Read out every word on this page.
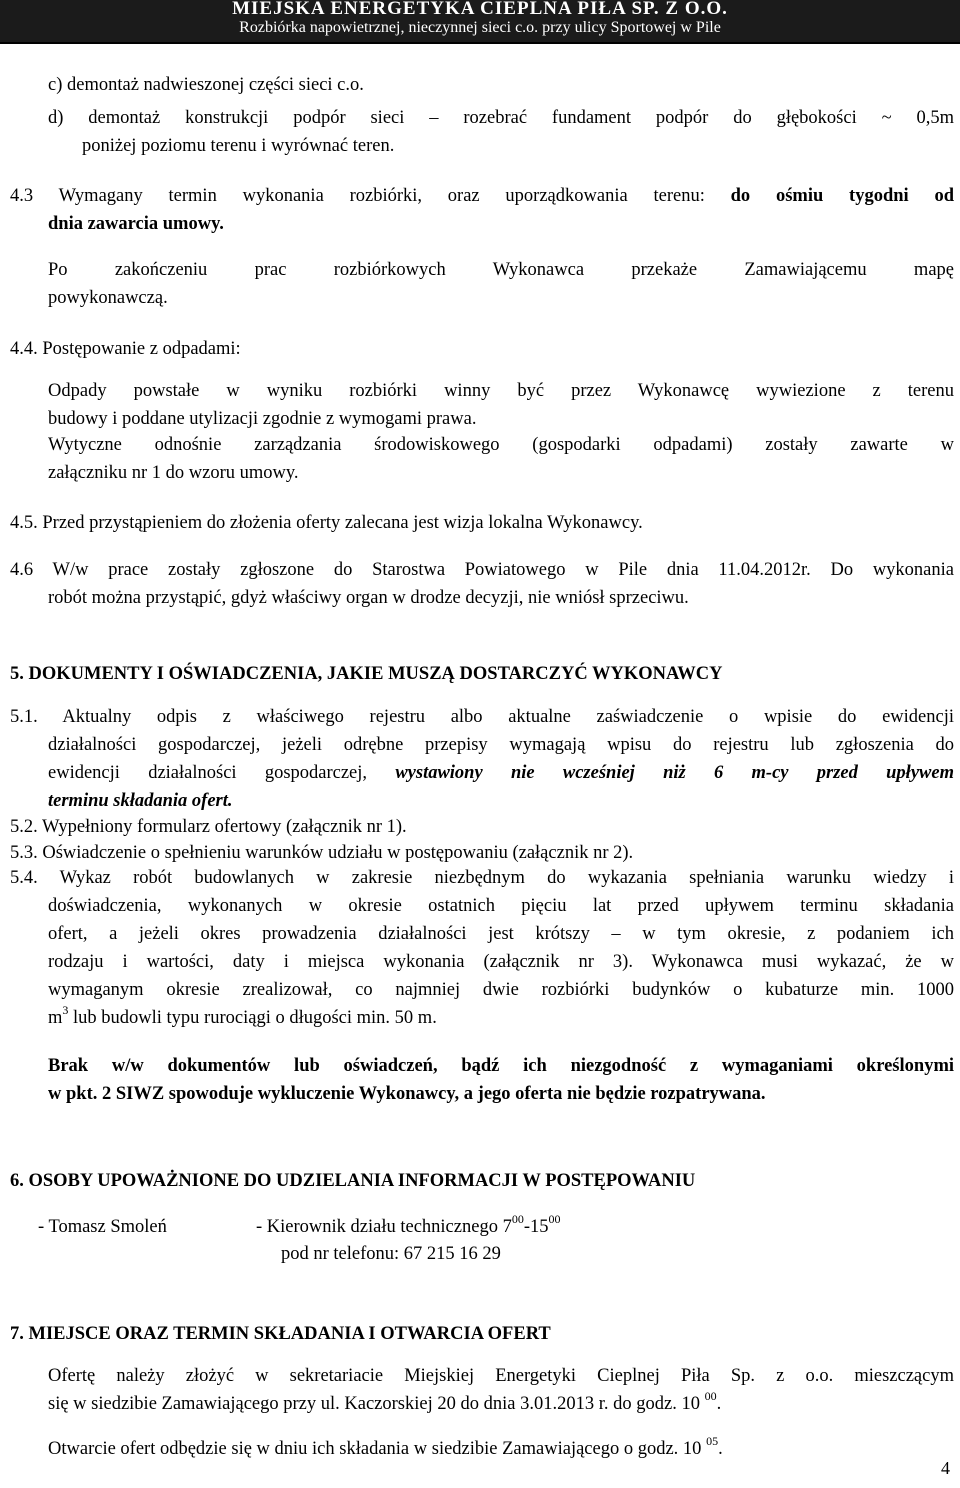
MIEJSKA ENERGETYKA CIEPLNA PIŁA SP. Z O.O.
Rozbiórka napowietrznej, nieczynnej sieci c.o. przy ulicy Sportowej w Pile
c) demontaż nadwieszonej części sieci c.o.
d) demontaż konstrukcji podpór sieci – rozebrać fundament podpór do głębokości ~ 0,5m
poniżej poziomu terenu i wyrównać teren.
4.3 Wymagany termin wykonania rozbiórki, oraz uporządkowania terenu: do ośmiu tygodni od
dnia zawarcia umowy.
Po zakończeniu prac rozbiórkowych Wykonawca przekaże Zamawiającemu mapę
powykonawczą.
4.4. Postępowanie z odpadami:
Odpady powstałe w wyniku rozbiórki winny być przez Wykonawcę wywiezione z terenu
budowy i poddane utylizacji zgodnie z wymogami prawa.
Wytyczne odnośnie zarządzania środowiskowego (gospodarki odpadami) zostały zawarte w
załączniku nr 1 do wzoru umowy.
4.5. Przed przystąpieniem do złożenia oferty zalecana jest wizja lokalna Wykonawcy.
4.6 W/w prace zostały zgłoszone do Starostwa Powiatowego w Pile dnia 11.04.2012r. Do wykonania
robót można przystąpić, gdyż właściwy organ w drodze decyzji, nie wniósł sprzeciwu.
5. DOKUMENTY I OŚWIADCZENIA, JAKIE MUSZĄ DOSTARCZYĆ WYKONAWCY
5.1. Aktualny odpis z właściwego rejestru albo aktualne zaświadczenie o wpisie do ewidencji
działalności gospodarczej, jeżeli odrębne przepisy wymagają wpisu do rejestru lub zgłoszenia do
ewidencji działalności gospodarczej, wystawiony nie wcześniej niż 6 m-cy przed upływem
terminu składania ofert.
5.2. Wypełniony formularz ofertowy (załącznik nr 1).
5.3. Oświadczenie o spełnieniu warunków udziału w postępowaniu (załącznik nr 2).
5.4. Wykaz robót budowlanych w zakresie niezbędnym do wykazania spełniania warunku wiedzy i
doświadczenia, wykonanych w okresie ostatnich pięciu lat przed upływem terminu składania
ofert, a jeżeli okres prowadzenia działalności jest krótszy – w tym okresie, z podaniem ich
rodzaju i wartości, daty i miejsca wykonania (załącznik nr 3). Wykonawca musi wykazać, że w
wymaganym okresie zrealizował, co najmniej dwie rozbiórki budynków o kubaturze min. 1000
$m^3$ lub budowli typu rurociągi o długości min. 50 m.
Brak w/w dokumentów lub oświadczeń, bądź ich niezgodność z wymaganiami określonymi
w pkt. 2 SIWZ spowoduje wykluczenie Wykonawcy, a jego oferta nie będzie rozpatrywana.
6. OSOBY UPOWAŻNIONE DO UDZIELANIA INFORMACJI W POSTĘPOWANIU
- Tomasz Smoleń	- Kierownik działu technicznego $7^{00}-15^{00}$
pod nr telefonu: 67 215 16 29
7. MIEJSCE ORAZ TERMIN SKŁADANIA I OTWARCIA OFERT
Ofertę należy złożyć w sekretariacie Miejskiej Energetyki Cieplnej Piła Sp. z o.o. mieszczącym
się w siedzibie Zamawiającego przy ul. Kaczorskiej 20 do dnia 3.01.2013 r. do godz. 10 $^{00}$.
Otwarcie ofert odbędzie się w dniu ich składania w siedzibie Zamawiającego o godz. 10 $^{05}$.
4
